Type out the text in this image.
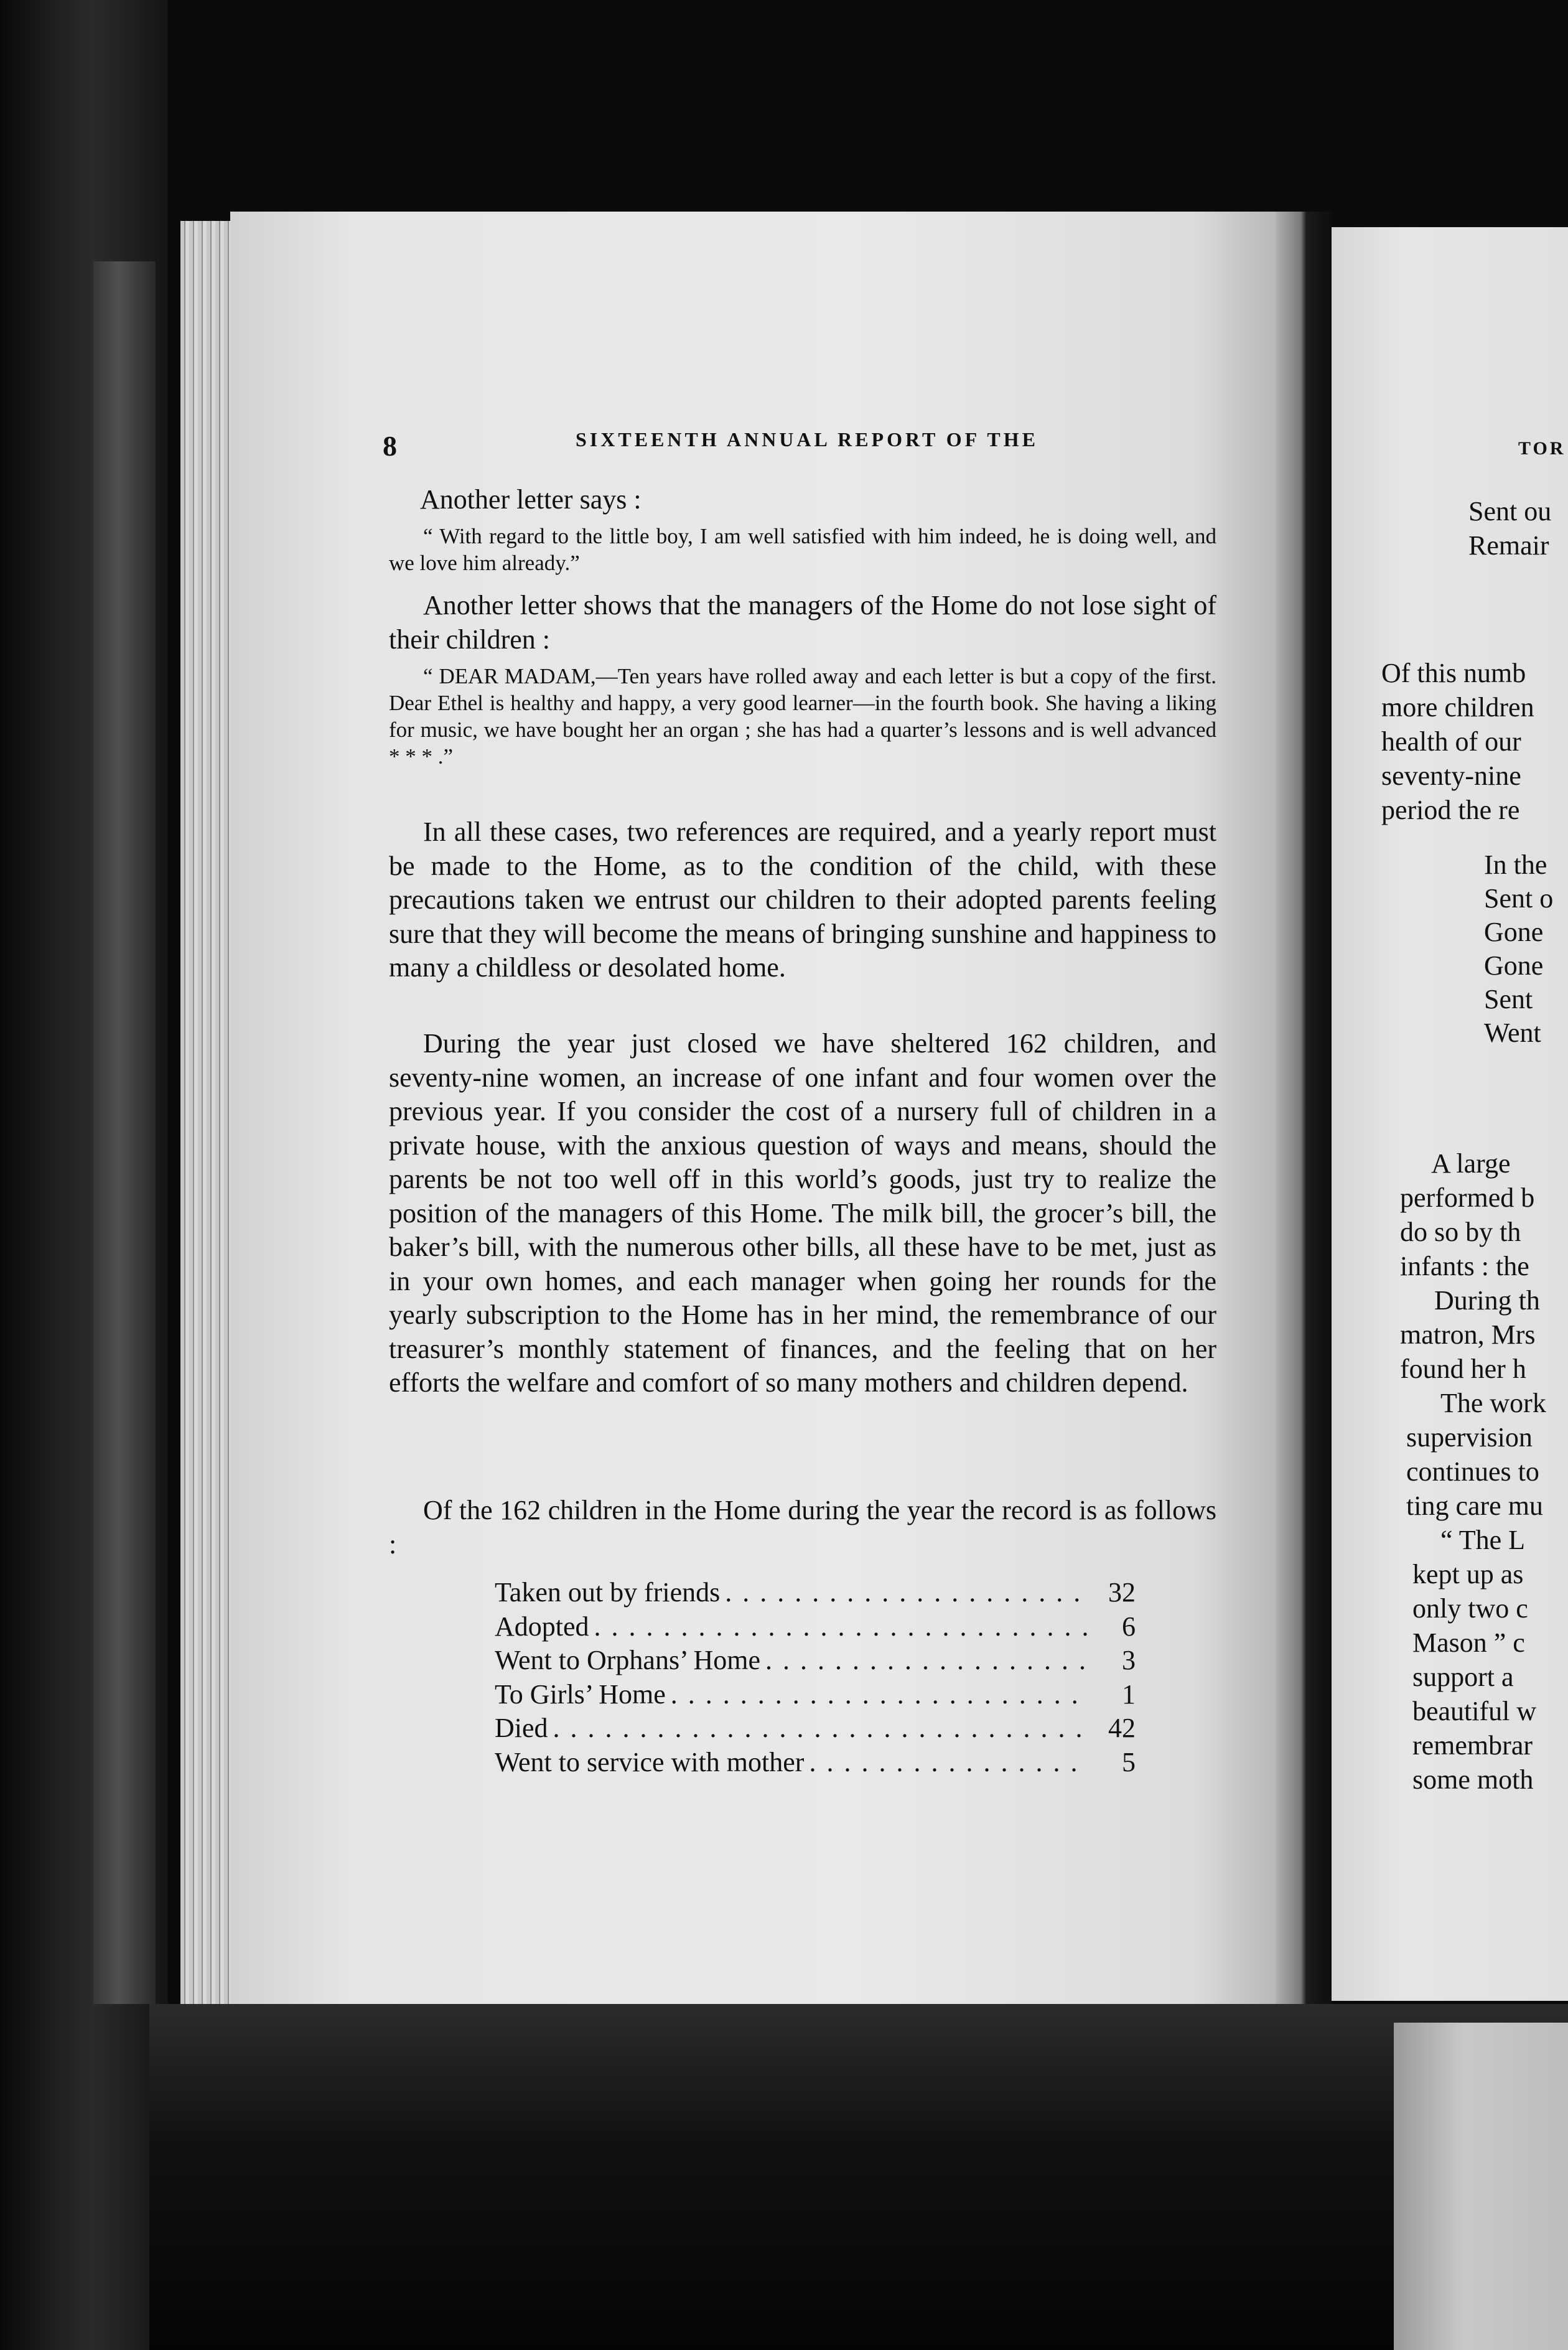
8	SIXTEENTH ANNUAL REPORT OF THE

Another letter says :

“ With regard to the little boy, I am well satisfied with him indeed, he is doing well, and we love him already.”

Another letter shows that the managers of the Home do not lose sight of their children :

“ DEAR MADAM,—Ten years have rolled away and each letter is but a copy of the first. Dear Ethel is healthy and happy, a very good learner—in the fourth book. She having a liking for music, we have bought her an organ ; she has had a quarter’s lessons and is well advanced * * * .”

In all these cases, two references are required, and a yearly report must be made to the Home, as to the condition of the child, with these precautions taken we entrust our children to their adopted parents feeling sure that they will become the means of bringing sunshine and happiness to many a childless or desolated home.

During the year just closed we have sheltered 162 children, and seventy-nine women, an increase of one infant and four women over the previous year. If you consider the cost of a nursery full of children in a private house, with the anxious question of ways and means, should the parents be not too well off in this world’s goods, just try to realize the position of the managers of this Home. The milk bill, the grocer’s bill, the baker’s bill, with the numerous other bills, all these have to be met, just as in your own homes, and each manager when going her rounds for the yearly subscription to the Home has in her mind, the remembrance of our treasurer’s monthly statement of finances, and the feeling that on her efforts the welfare and comfort of so many mothers and children depend.

Of the 162 children in the Home during the year the record is as follows :

Taken out by friends . . .	32
Adopted . . .	6
Went to Orphans’ Home . . .	3
To Girls’ Home . . .	1
Died . . .	42
Went to service with mother . . .	5
TOR

Sent ou

Remair

Of this numb

more children

health of our

seventy-nine

period the re

In the

Sent o

Gone

Gone

Sent

Went

A large

performed b

do so by th

infants : the

During th

matron, Mrs

found her h

The work

supervision

continues to

ting care mu

“ The L

kept up as

only two c

Mason ” c

support a

beautiful w

remembrar

some moth
